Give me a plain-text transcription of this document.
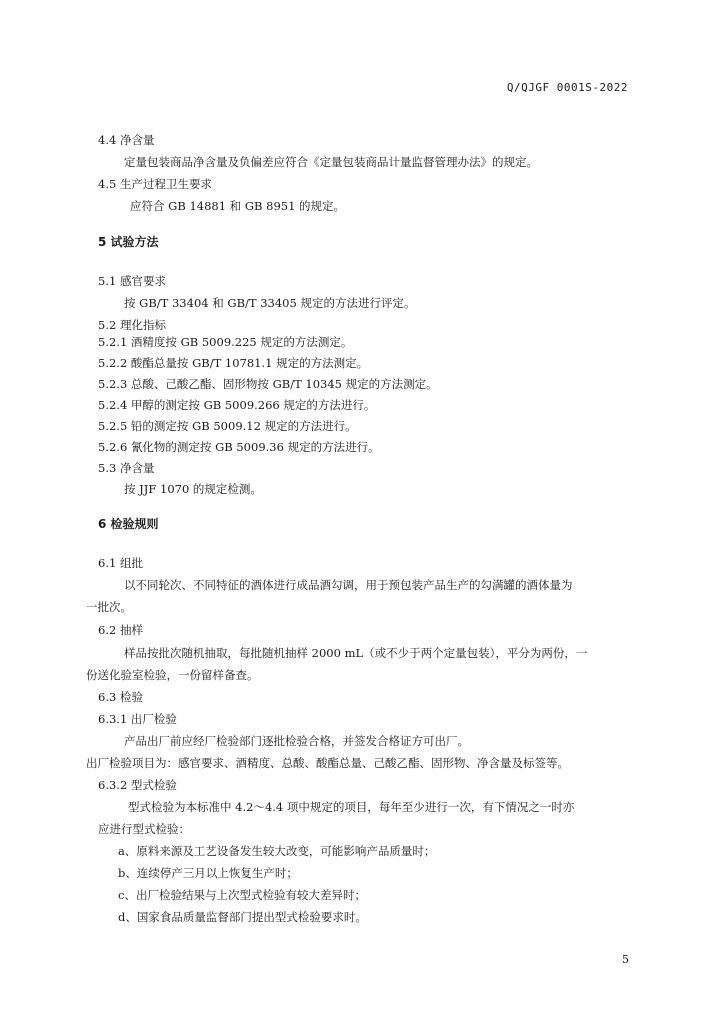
Q/QJGF 0001S-2022
4.4 净含量
定量包装商品净含量及负偏差应符合《定量包装商品计量监督管理办法》的规定。
4.5 生产过程卫生要求
应符合 GB 14881 和 GB 8951 的规定。
5 试验方法
5.1 感官要求
按 GB/T 33404 和 GB/T 33405 规定的方法进行评定。
5.2 理化指标
5.2.1 酒精度按 GB 5009.225 规定的方法测定。
5.2.2 酸酯总量按 GB/T 10781.1 规定的方法测定。
5.2.3 总酸、己酸乙酯、固形物按 GB/T 10345 规定的方法测定。
5.2.4 甲醇的测定按 GB 5009.266 规定的方法进行。
5.2.5 铅的测定按 GB 5009.12 规定的方法进行。
5.2.6 氰化物的测定按 GB 5009.36 规定的方法进行。
5.3 净含量
按 JJF 1070 的规定检测。
6 检验规则
6.1 组批
以不同轮次、不同特征的酒体进行成品酒勾调，用于预包装产品生产的勾满罐的酒体量为
一批次。
6.2 抽样
样品按批次随机抽取，每批随机抽样 2000 mL（或不少于两个定量包装），平分为两份，一
份送化验室检验，一份留样备查。
6.3 检验
6.3.1 出厂检验
产品出厂前应经厂检验部门逐批检验合格，并签发合格证方可出厂。
出厂检验项目为：感官要求、酒精度、总酸、酸酯总量、己酸乙酯、固形物、净含量及标签等。
6.3.2 型式检验
型式检验为本标准中 4.2～4.4 项中规定的项目，每年至少进行一次，有下情况之一时亦
应进行型式检验：
a、原料来源及工艺设备发生较大改变，可能影响产品质量时；
b、连续停产三月以上恢复生产时；
c、出厂检验结果与上次型式检验有较大差异时；
d、国家食品质量监督部门提出型式检验要求时。
5
